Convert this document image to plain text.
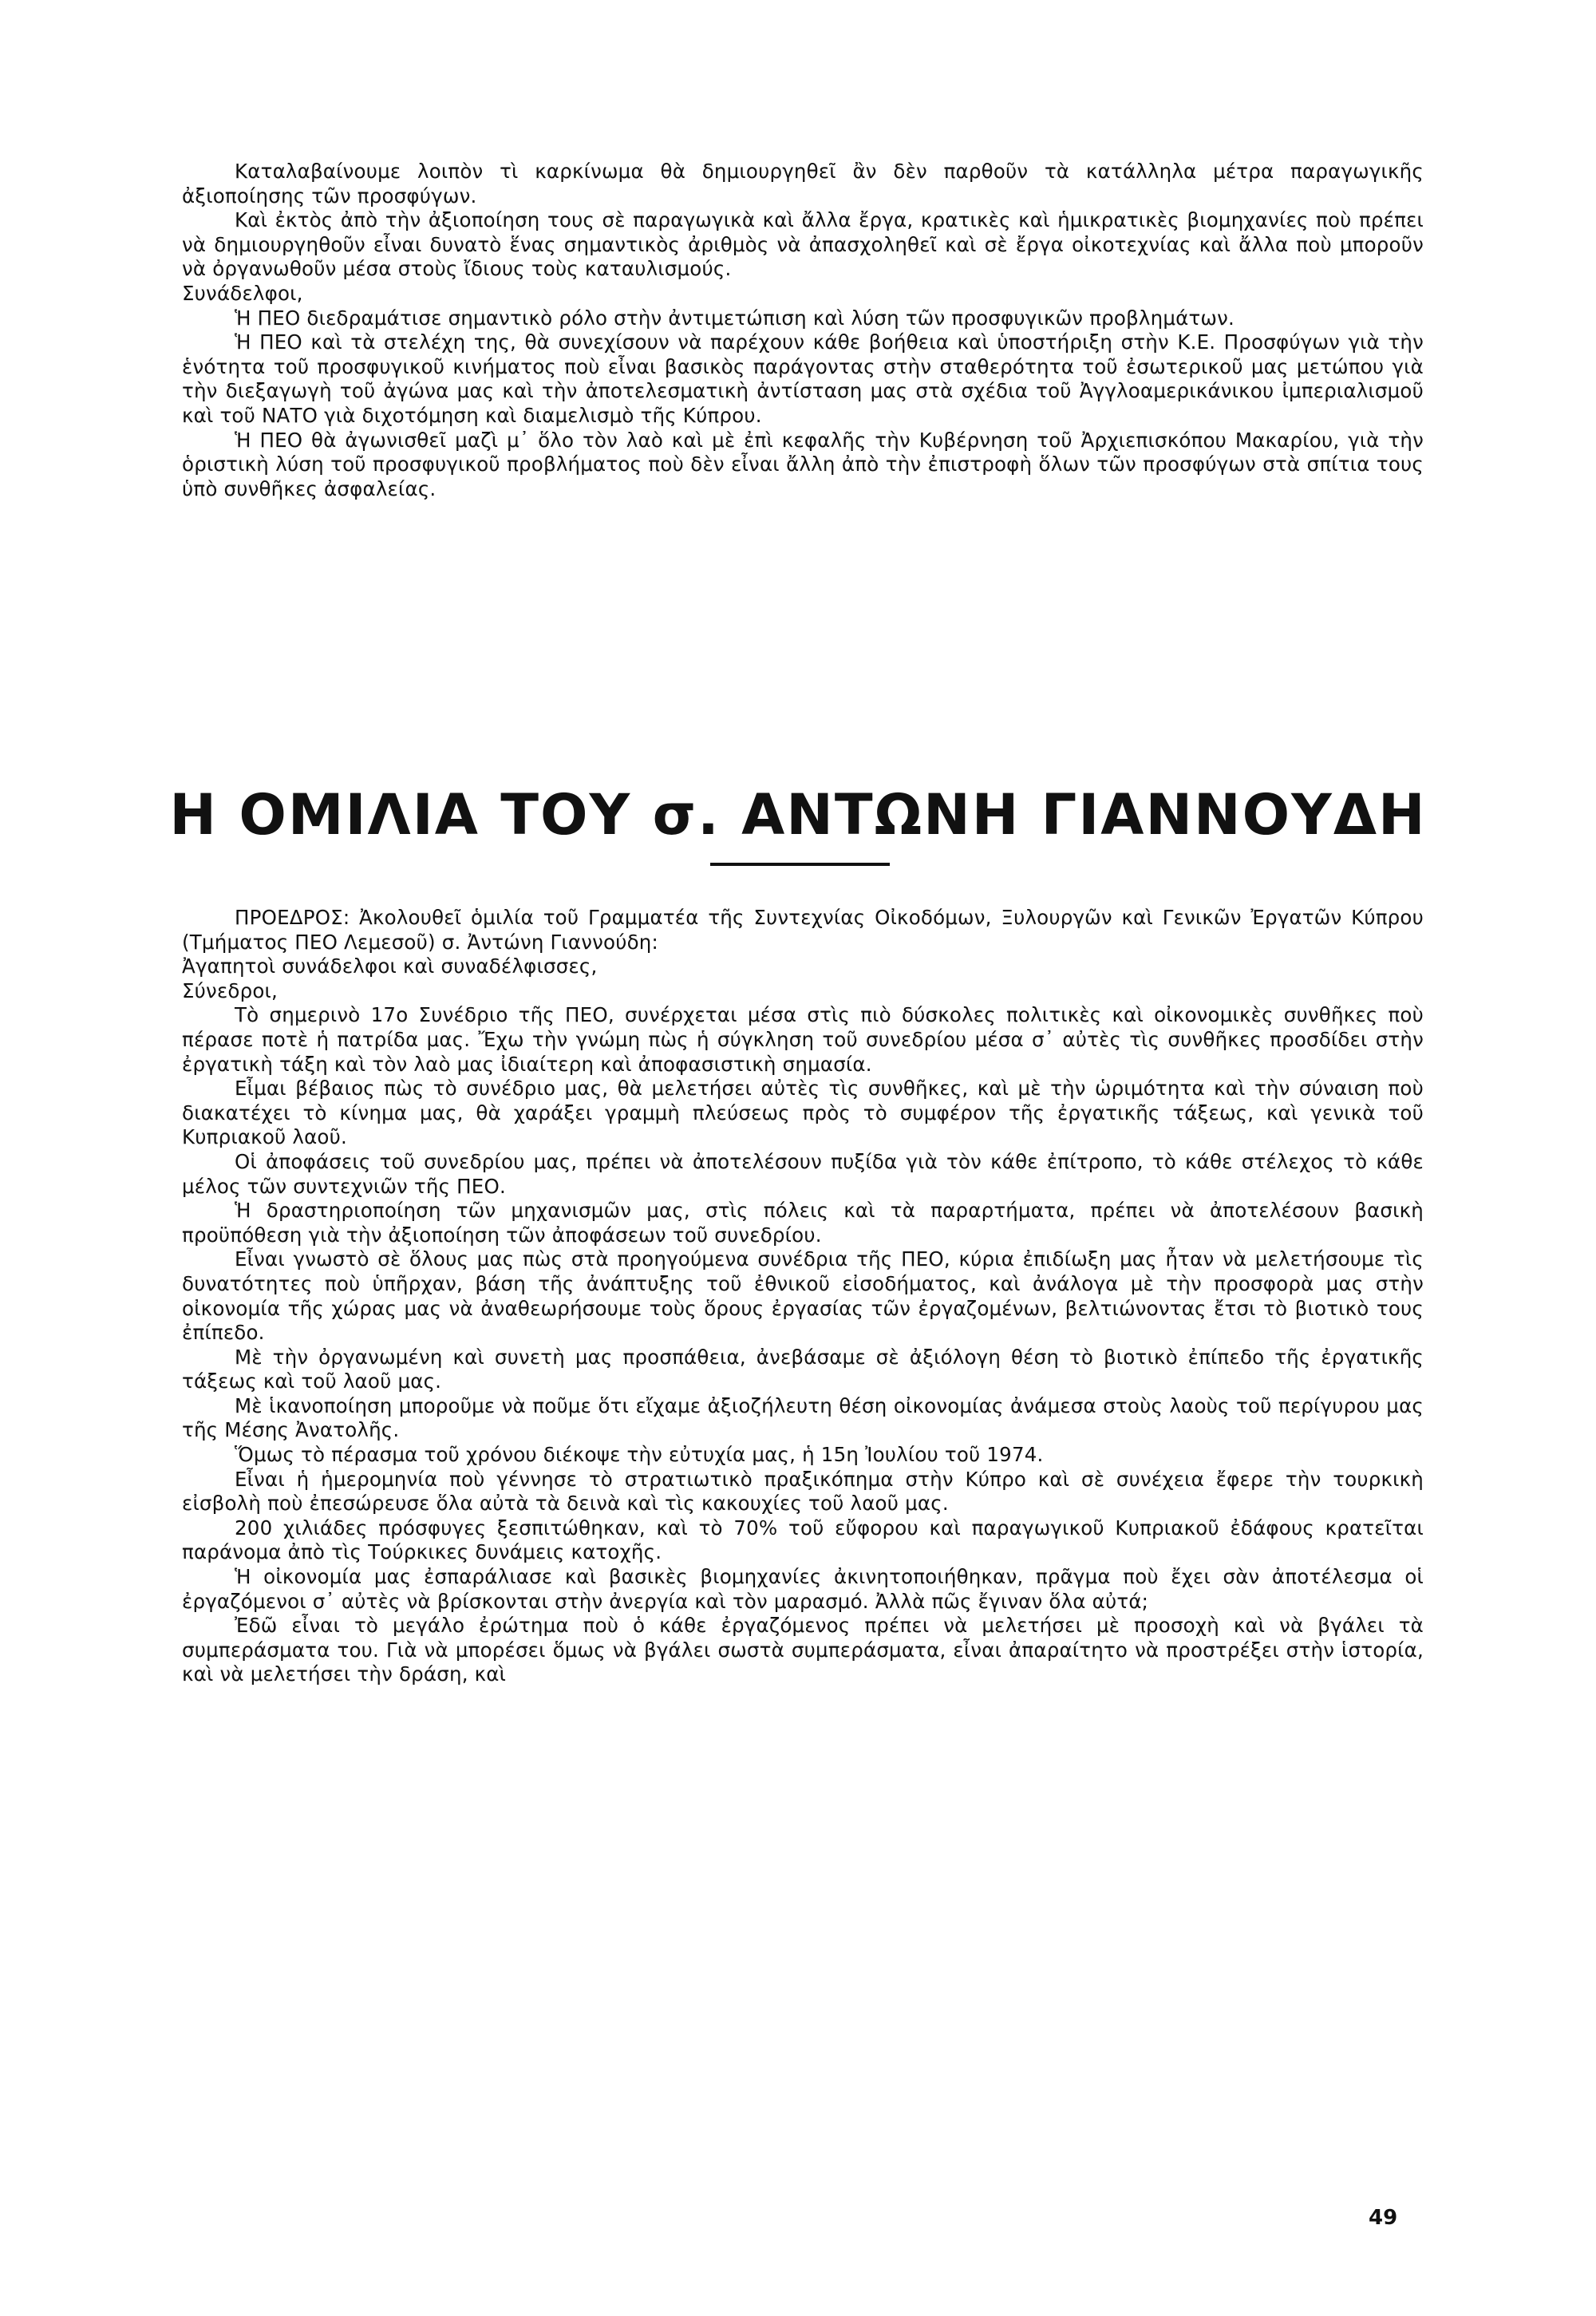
Καταλαβαίνουμε λοιπὸν τὶ καρκίνωμα θὰ δημιουργηθεῖ ἂν δὲν παρθοῦν τὰ κατάλληλα μέτρα παραγωγικῆς ἀξιοποίησης τῶν προσφύγων.

Καὶ ἐκτὸς ἀπὸ τὴν ἀξιοποίηση τους σὲ παραγωγικὰ καὶ ἄλλα ἔργα, κρατικὲς καὶ ἡμικρατικὲς βιομηχανίες ποὺ πρέπει νὰ δημιουργηθοῦν εἶναι δυνατὸ ἕνας σημαντικὸς ἀριθμὸς νὰ ἀπασχοληθεῖ καὶ σὲ ἔργα οἰκοτεχνίας καὶ ἄλλα ποὺ μποροῦν νὰ ὀργανωθοῦν μέσα στοὺς ἴδιους τοὺς καταυλισμούς.

Συνάδελφοι,

Ἡ ΠΕΟ διεδραμάτισε σημαντικὸ ρόλο στὴν ἀντιμετώπιση καὶ λύση τῶν προσφυγικῶν προβλημάτων.

Ἡ ΠΕΟ καὶ τὰ στελέχη της, θὰ συνεχίσουν νὰ παρέχουν κάθε βοήθεια καὶ ὑποστήριξη στὴν Κ.Ε. Προσφύγων γιὰ τὴν ἑνότητα τοῦ προσφυγικοῦ κινήματος ποὺ εἶναι βασικὸς παράγοντας στὴν σταθερότητα τοῦ ἐσωτερικοῦ μας μετώπου γιὰ τὴν διεξαγωγὴ τοῦ ἀγώνα μας καὶ τὴν ἀποτελεσματικὴ ἀντίσταση μας στὰ σχέδια τοῦ Ἀγγλοαμερικάνικου ἰμπεριαλισμοῦ καὶ τοῦ ΝΑΤΟ γιὰ διχοτόμηση καὶ διαμελισμὸ τῆς Κύπρου.

Ἡ ΠΕΟ θὰ ἀγωνισθεῖ μαζὶ μ᾽ ὅλο τὸν λαὸ καὶ μὲ ἐπὶ κεφαλῆς τὴν Κυβέρνηση τοῦ Ἀρχιεπισκόπου Μακαρίου, γιὰ τὴν ὁριστικὴ λύση τοῦ προσφυγικοῦ προβλήματος ποὺ δὲν εἶναι ἄλλη ἀπὸ τὴν ἐπιστροφὴ ὅλων τῶν προσφύγων στὰ σπίτια τους ὑπὸ συνθῆκες ἀσφαλείας.

Η ΟΜΙΛΙΑ ΤΟΥ σ. ΑΝΤΩΝΗ ΓΙΑΝΝΟΥΔΗ

ΠΡΟΕΔΡΟΣ: Ἀκολουθεῖ ὁμιλία τοῦ Γραμματέα τῆς Συντεχνίας Οἰκοδόμων, Ξυλουργῶν καὶ Γενικῶν Ἐργατῶν Κύπρου (Τμήματος ΠΕΟ Λεμεσοῦ) σ. Ἀντώνη Γιαννούδη:

Ἀγαπητοὶ συνάδελφοι καὶ συναδέλφισσες,

Σύνεδροι,

Τὸ σημερινὸ 17ο Συνέδριο τῆς ΠΕΟ, συνέρχεται μέσα στὶς πιὸ δύσκολες πολιτικὲς καὶ οἰκονομικὲς συνθῆκες ποὺ πέρασε ποτὲ ἡ πατρίδα μας. Ἔχω τὴν γνώμη πὼς ἡ σύγκληση τοῦ συνεδρίου μέσα σ᾽ αὐτὲς τὶς συνθῆκες προσδίδει στὴν ἐργατικὴ τάξη καὶ τὸν λαὸ μας ἰδιαίτερη καὶ ἀποφασιστικὴ σημασία.

Εἶμαι βέβαιος πὼς τὸ συνέδριο μας, θὰ μελετήσει αὐτὲς τὶς συνθῆκες, καὶ μὲ τὴν ὡριμότητα καὶ τὴν σύναιση ποὺ διακατέχει τὸ κίνημα μας, θὰ χαράξει γραμμὴ πλεύσεως πρὸς τὸ συμφέρον τῆς ἐργατικῆς τάξεως, καὶ γενικὰ τοῦ Κυπριακοῦ λαοῦ.

Οἱ ἀποφάσεις τοῦ συνεδρίου μας, πρέπει νὰ ἀποτελέσουν πυξίδα γιὰ τὸν κάθε ἐπίτροπο, τὸ κάθε στέλεχος τὸ κάθε μέλος τῶν συντεχνιῶν τῆς ΠΕΟ.

Ἡ δραστηριοποίηση τῶν μηχανισμῶν μας, στὶς πόλεις καὶ τὰ παραρτήματα, πρέπει νὰ ἀποτελέσουν βασικὴ προϋπόθεση γιὰ τὴν ἀξιοποίηση τῶν ἀποφάσεων τοῦ συνεδρίου.

Εἶναι γνωστὸ σὲ ὅλους μας πὼς στὰ προηγούμενα συνέδρια τῆς ΠΕΟ, κύρια ἐπιδίωξη μας ἦταν νὰ μελετήσουμε τὶς δυνατότητες ποὺ ὑπῆρχαν, βάση τῆς ἀνάπτυξης τοῦ ἐθνικοῦ εἰσοδήματος, καὶ ἀνάλογα μὲ τὴν προσφορὰ μας στὴν οἰκονομία τῆς χώρας μας νὰ ἀναθεωρήσουμε τοὺς ὅρους ἐργασίας τῶν ἐργαζομένων, βελτιώνοντας ἔτσι τὸ βιοτικὸ τους ἐπίπεδο.

Μὲ τὴν ὀργανωμένη καὶ συνετὴ μας προσπάθεια, ἀνεβάσαμε σὲ ἀξιόλογη θέση τὸ βιοτικὸ ἐπίπεδο τῆς ἐργατικῆς τάξεως καὶ τοῦ λαοῦ μας.

Μὲ ἱκανοποίηση μποροῦμε νὰ ποῦμε ὅτι εἴχαμε ἀξιοζήλευτη θέση οἰκονομίας ἀνάμεσα στοὺς λαοὺς τοῦ περίγυρου μας τῆς Μέσης Ἀνατολῆς.

Ὅμως τὸ πέρασμα τοῦ χρόνου διέκοψε τὴν εὐτυχία μας, ἡ 15η Ἰουλίου τοῦ 1974.

Εἶναι ἡ ἡμερομηνία ποὺ γέννησε τὸ στρατιωτικὸ πραξικόπημα στὴν Κύπρο καὶ σὲ συνέχεια ἔφερε τὴν τουρκικὴ εἰσβολὴ ποὺ ἐπεσώρευσε ὅλα αὐτὰ τὰ δεινὰ καὶ τὶς κακουχίες τοῦ λαοῦ μας.

200 χιλιάδες πρόσφυγες ξεσπιτώθηκαν, καὶ τὸ 70% τοῦ εὔφορου καὶ παραγωγικοῦ Κυπριακοῦ ἐδάφους κρατεῖται παράνομα ἀπὸ τὶς Τούρκικες δυνάμεις κατοχῆς.

Ἡ οἰκονομία μας ἐσπαράλιασε καὶ βασικὲς βιομηχανίες ἀκινητοποιήθηκαν, πρᾶγμα ποὺ ἔχει σὰν ἀποτέλεσμα οἱ ἐργαζόμενοι σ᾽ αὐτὲς νὰ βρίσκονται στὴν ἀνεργία καὶ τὸν μαρασμό. Ἀλλὰ πῶς ἔγιναν ὅλα αὐτά;

Ἐδῶ εἶναι τὸ μεγάλο ἐρώτημα ποὺ ὁ κάθε ἐργαζόμενος πρέπει νὰ μελετήσει μὲ προσοχὴ καὶ νὰ βγάλει τὰ συμπεράσματα του. Γιὰ νὰ μπορέσει ὅμως νὰ βγάλει σωστὰ συμπεράσματα, εἶναι ἀπαραίτητο νὰ προστρέξει στὴν ἱστορία, καὶ νὰ μελετήσει τὴν δράση, καὶ

49
